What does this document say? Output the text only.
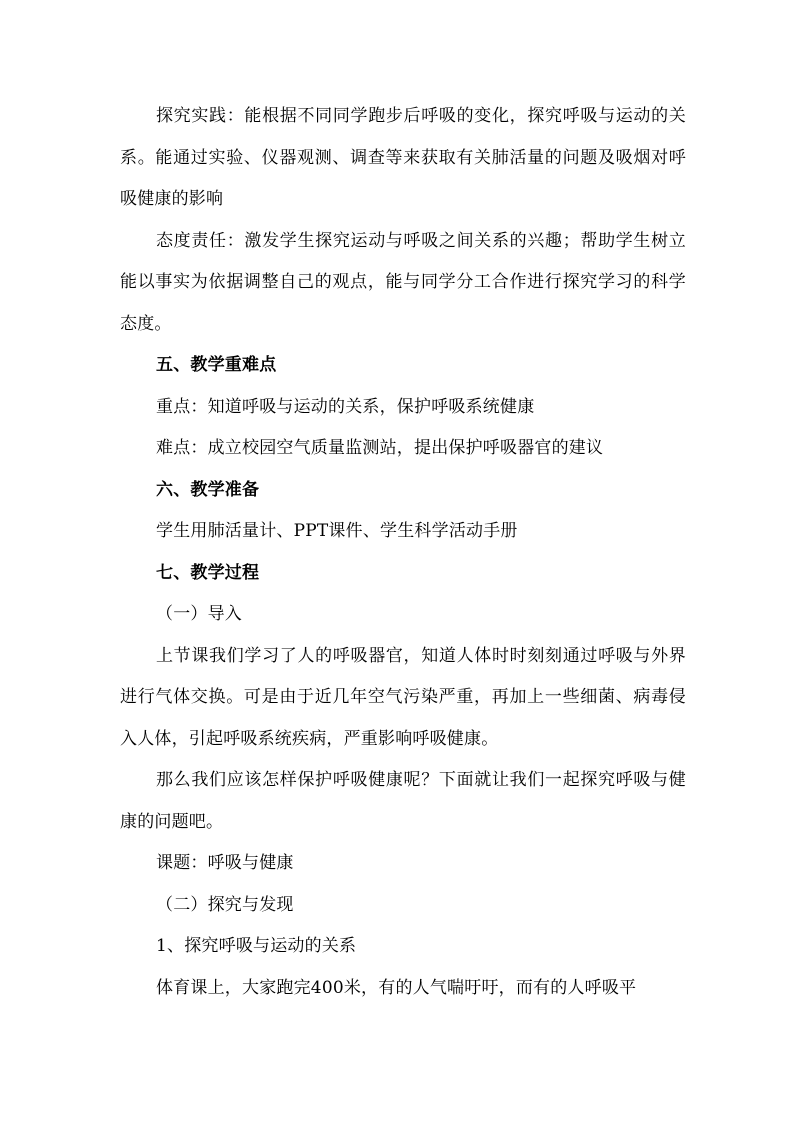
探究实践：能根据不同同学跑步后呼吸的变化，探究呼吸与运动的关系。能通过实验、仪器观测、调查等来获取有关肺活量的问题及吸烟对呼吸健康的影响

态度责任：激发学生探究运动与呼吸之间关系的兴趣；帮助学生树立能以事实为依据调整自己的观点，能与同学分工合作进行探究学习的科学态度。

五、教学重难点

重点：知道呼吸与运动的关系，保护呼吸系统健康

难点：成立校园空气质量监测站，提出保护呼吸器官的建议

六、教学准备

学生用肺活量计、PPT课件、学生科学活动手册

七、教学过程

（一）导入

上节课我们学习了人的呼吸器官，知道人体时时刻刻通过呼吸与外界进行气体交换。可是由于近几年空气污染严重，再加上一些细菌、病毒侵入人体，引起呼吸系统疾病，严重影响呼吸健康。

那么我们应该怎样保护呼吸健康呢？下面就让我们一起探究呼吸与健康的问题吧。

课题：呼吸与健康

（二）探究与发现

1、探究呼吸与运动的关系

体育课上，大家跑完400米，有的人气喘吁吁，而有的人呼吸平
